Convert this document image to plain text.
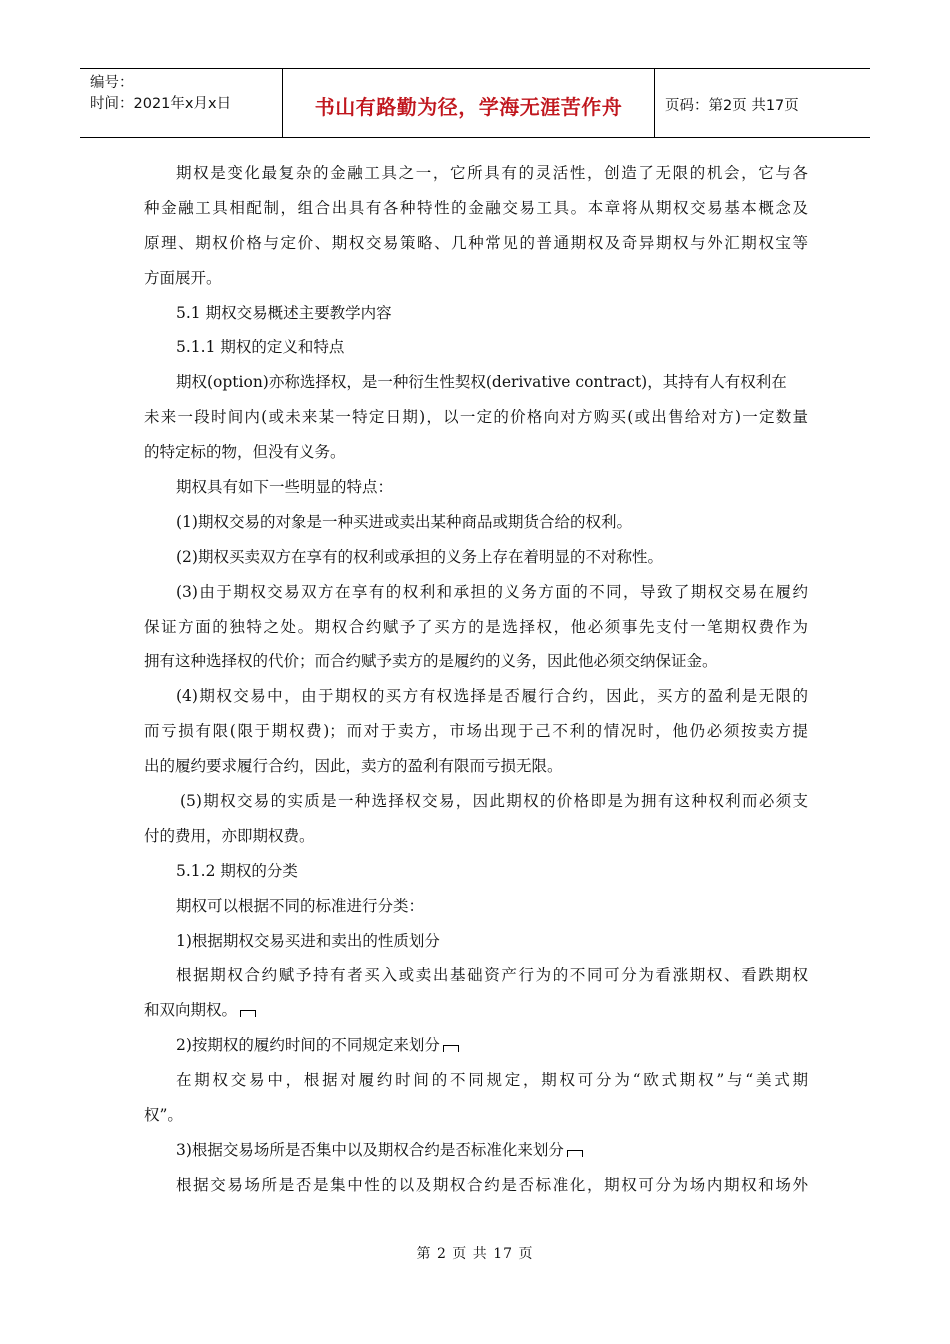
编号：
时间：2021年x月x日	书山有路勤为径，学海无涯苦作舟	页码：第2页 共17页
期权是变化最复杂的金融工具之一，它所具有的灵活性，创造了无限的机会，它与各
种金融工具相配制，组合出具有各种特性的金融交易工具。本章将从期权交易基本概念及
原理、期权价格与定价、期权交易策略、几种常见的普通期权及奇异期权与外汇期权宝等
方面展开。
5.1 期权交易概述主要教学内容
5.1.1 期权的定义和特点
期权(option)亦称选择权，是一种衍生性契权(derivative contract)，其持有人有权利在
未来一段时间内(或未来某一特定日期)，以一定的价格向对方购买(或出售给对方)一定数量
的特定标的物，但没有义务。
期权具有如下一些明显的特点：
(1)期权交易的对象是一种买进或卖出某种商品或期货合给的权利。
(2)期权买卖双方在享有的权利或承担的义务上存在着明显的不对称性。
(3)由于期权交易双方在享有的权利和承担的义务方面的不同，导致了期权交易在履约
保证方面的独特之处。期权合约赋予了买方的是选择权，他必须事先支付一笔期权费作为
拥有这种选择权的代价；而合约赋予卖方的是履约的义务，因此他必须交纳保证金。
(4)期权交易中，由于期权的买方有权选择是否履行合约，因此，买方的盈利是无限的
而亏损有限(限于期权费)；而对于卖方，市场出现于己不利的情况时，他仍必须按卖方提
出的履约要求履行合约，因此，卖方的盈利有限而亏损无限。
(5)期权交易的实质是一种选择权交易，因此期权的价格即是为拥有这种权利而必须支
付的费用，亦即期权费。
5.1.2 期权的分类
期权可以根据不同的标准进行分类：
1)根据期权交易买进和卖出的性质划分
根据期权合约赋予持有者买入或卖出基础资产行为的不同可分为看涨期权、看跌期权
和双向期权。
2)按期权的履约时间的不同规定来划分
在期权交易中，根据对履约时间的不同规定，期权可分为“欧式期权”与“美式期
权”。
3)根据交易场所是否集中以及期权合约是否标准化来划分
根据交易场所是否是集中性的以及期权合约是否标准化，期权可分为场内期权和场外
第 2 页 共 17 页
